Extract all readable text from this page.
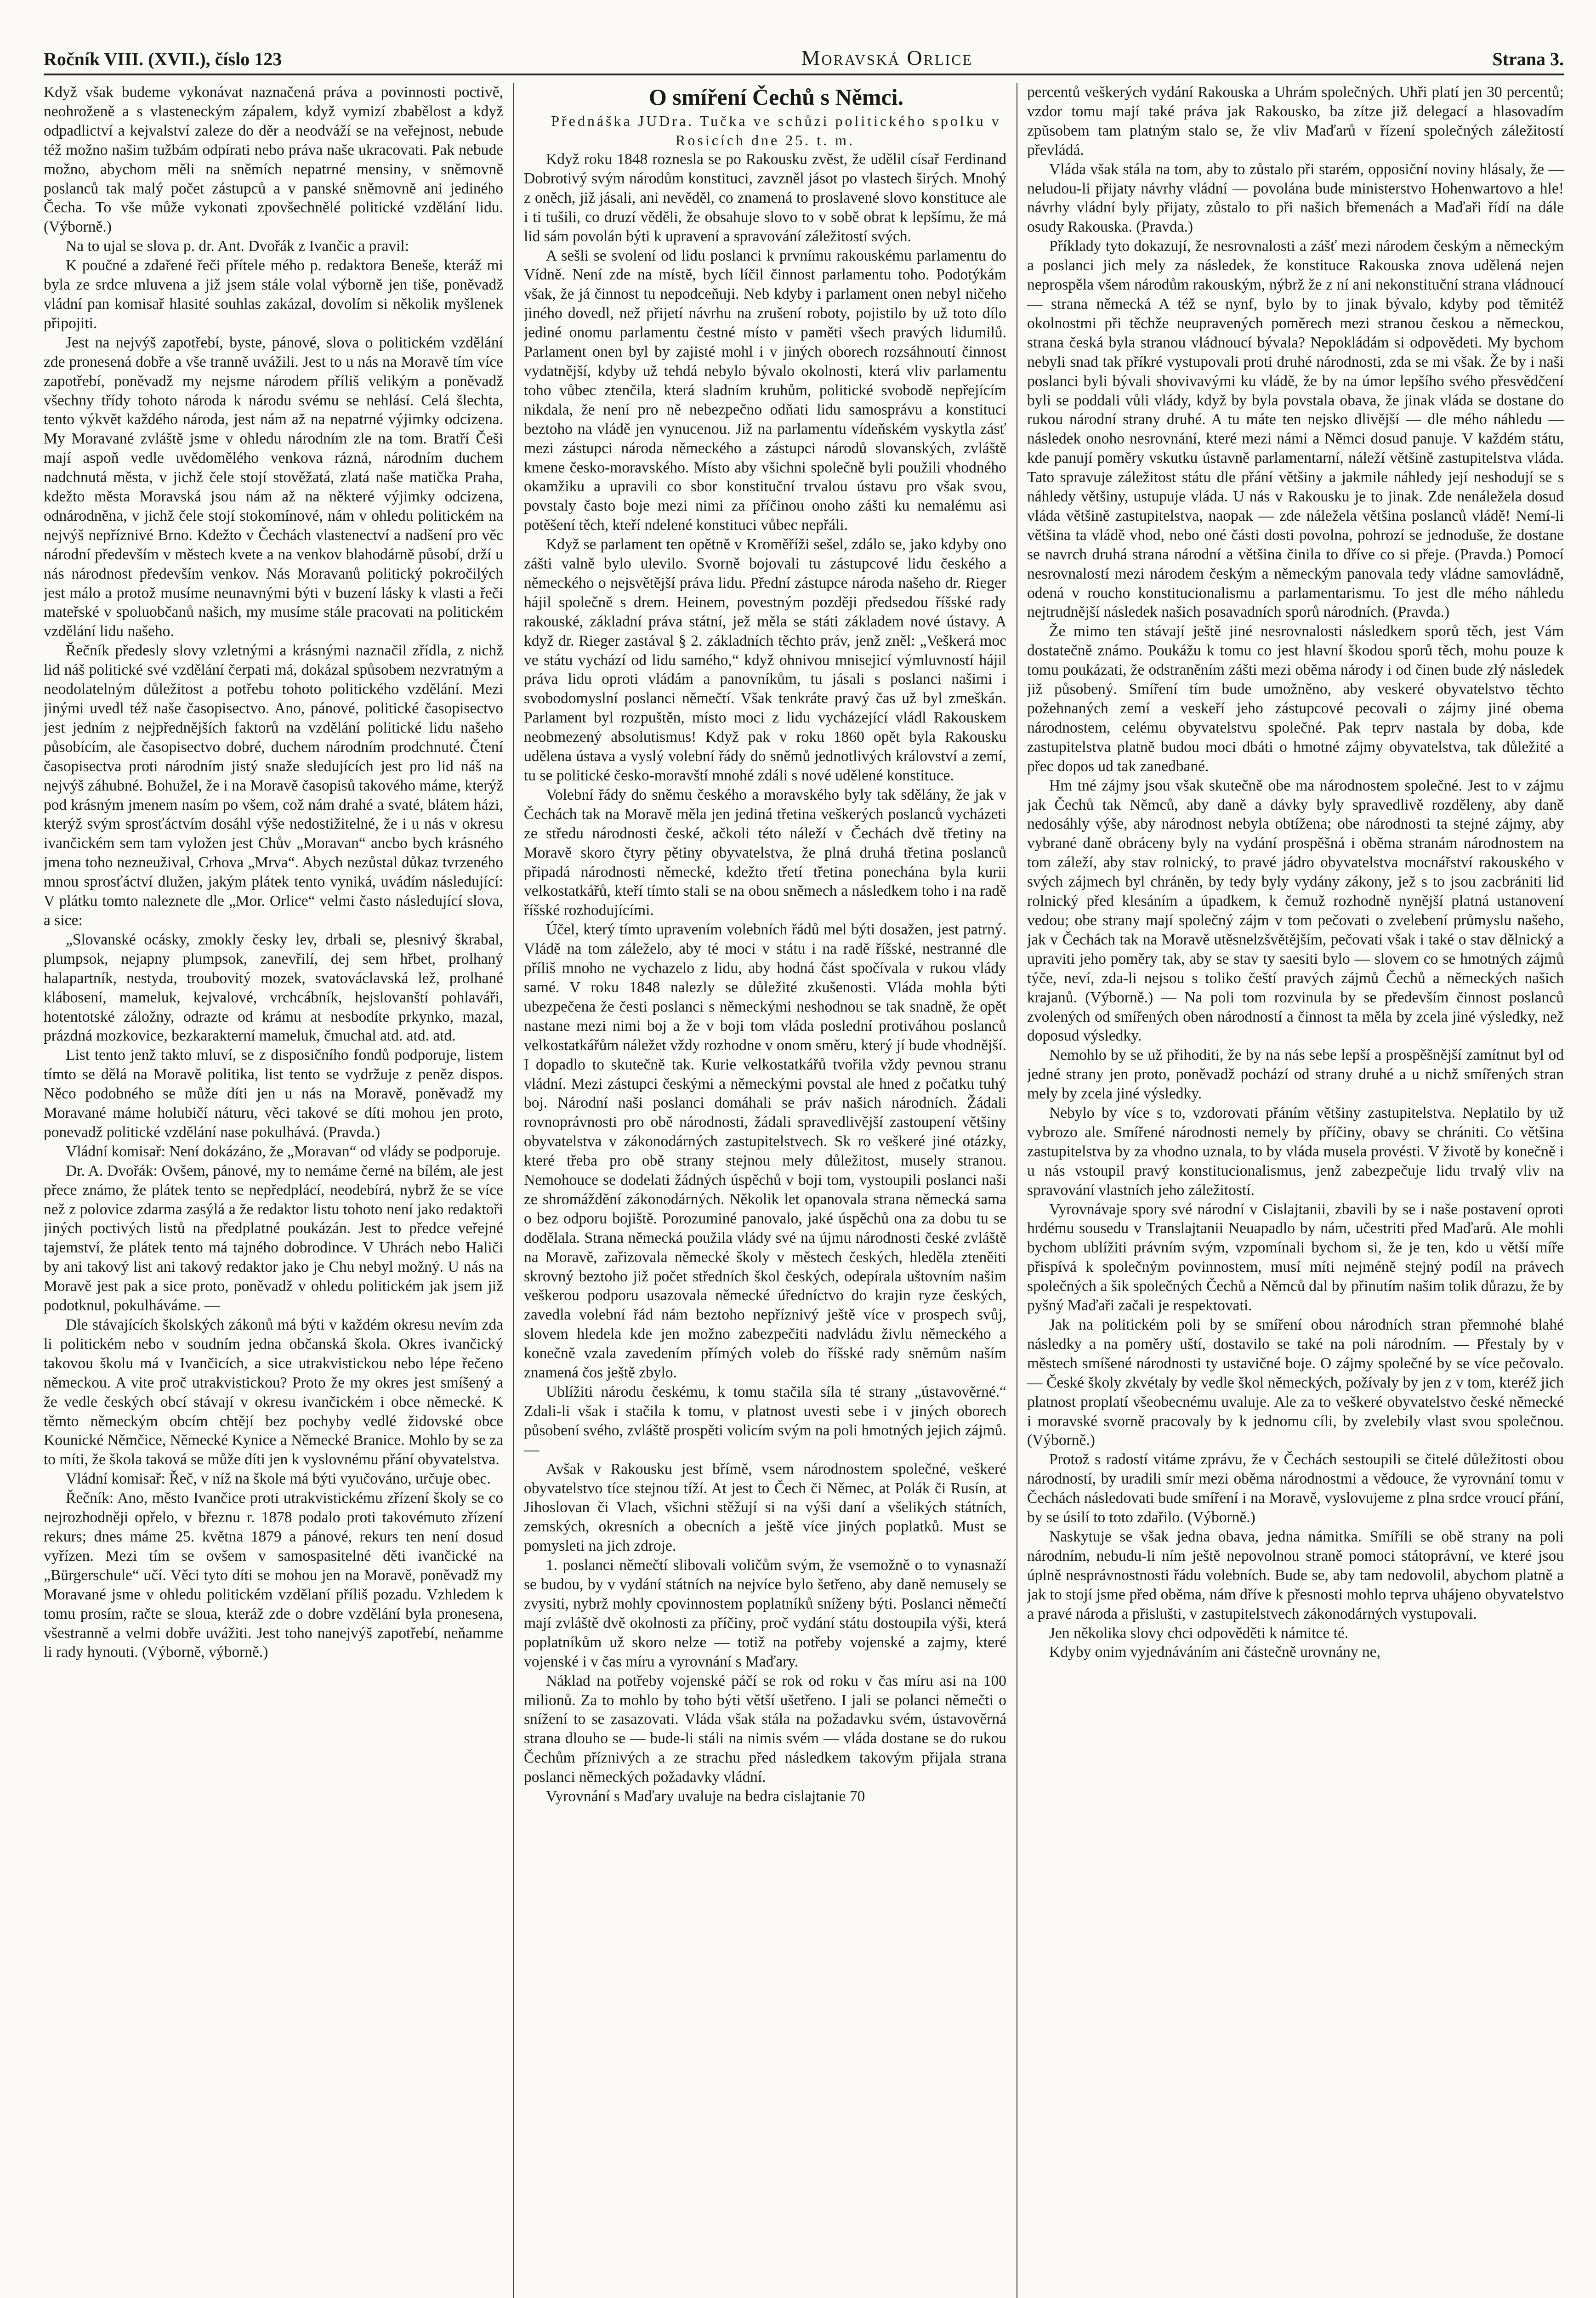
Ročník VIII. (XVII.), číslo 123	Moravská Orlice	Strana 3.

Když však budeme vykonávat naznačená práva a povinnosti poctivě, neohroženě a s vlasteneckým zápalem, když vymizí zbabělost a když odpadlictví a kejvalství zaleze do děr a neodváží se na veřejnost, nebude též možno našim tužbám odpírati nebo práva naše ukracovati. Pak nebude možno, abychom měli na sněmích nepatrné mensiny, v sněmovně poslanců tak malý počet zástupců a v panské sněmovně ani jediného Čecha. To vše může vykonati zpovšechnělé politické vzdělání lidu. (Výborně.)

Na to ujal se slova p. dr. Ant. Dvořák z Ivančic a pravil:

K poučné a zdařené řeči přítele mého p. redaktora Beneše, kteráž mi byla ze srdce mluvena a již jsem stále volal výborně jen tiše, poněvadž vládní pan komisař hlasité souhlas zakázal, dovolím si několik myšlenek připojiti.

Jest na nejvýš zapotřebí, byste, pánové, slova o politickém vzdělání zde pronesená dobře a vše tranně uvážili. Jest to u nás na Moravě tím více zapotřebí, poněvadž my nejsme národem příliš velikým a poněvadž všechny třídy tohoto národa k národu svému se nehlásí. Celá šlechta, tento výkvět každého národa, jest nám až na nepatrné výjimky odcizena. My Moravané zvláště jsme v ohledu národním zle na tom. Bratří Češi mají aspoň vedle uvědomělého venkova rázná, národním duchem nadchnutá města, v jichž čele stojí stověžatá, zlatá naše matička Praha, kdežto města Moravská jsou nám až na některé výjimky odcizena, odnárodněna, v jichž čele stojí stokomínové, nám v ohledu politickém na nejvýš nepříznivé Brno. Kdežto v Čechách vlastenectví a nadšení pro věc národní především v městech kvete a na venkov blahodárně působí, drží u nás národnost především venkov. Nás Moravanů politický pokročilých jest málo a protož musíme neunavnými býti v buzení lásky k vlasti a řeči mateřské v spoluobčanů našich, my musíme stále pracovati na politickém vzdělání lidu našeho.

Řečník předesly slovy vzletnými a krásnými naznačil zřídla, z nichž lid náš politické své vzdělání čerpati má, dokázal spůsobem nezvratným a neodolatelným důležitost a potřebu tohoto politického vzdělání. Mezi jinými uvedl též naše časopisectvo. Ano, pánové, politické časopisectvo jest jedním z nejpřednějších faktorů na vzdělání politické lidu našeho působícím, ale časopisectvo dobré, duchem národním prodchnuté. Čtení časopisectva proti národním jistý snaže sledujících jest pro lid náš na nejvýš záhubné. Bohužel, že i na Moravě časopisů takového máme, kterýž pod krásným jmenem nasím po všem, což nám drahé a svaté, blátem házi, kterýž svým sprosťáctvím dosáhl výše nedostižitelné, že i u nás v okresu ivančickém sem tam vyložen jest Chův „Moravan“ ancbo bych krásného jmena toho nezneužival, Crhova „Mrva“. Abych nezůstal důkaz tvrzeného mnou sprosťáctví dlužen, jakým plátek tento vyniká, uvádím následující: V plátku tomto naleznete dle „Mor. Orlice“ velmi často následující slova, a sice:

„Slovanské ocásky, zmokly česky lev, drbali se, plesnivý škrabal, plumpsok, nejapny plumpsok, zanevřilí, dej sem hřbet, prolhaný halapartník, nestyda, troubovitý mozek, svatováclavská lež, prolhané klábosení, mameluk, kejvalové, vrchcábník, hejslovanští pohlaváři, hotentotské záložny, odrazte od krámu at nesbodíte prkynko, mazal, prázdná mozkovice, bezkarakterní mameluk, čmuchal atd. atd. atd.

List tento jenž takto mluví, se z disposičního fondů podporuje, listem tímto se dělá na Moravě politika, list tento se vydržuje z peněz dispos. Něco podobného se může díti jen u nás na Moravě, poněvadž my Moravané máme holubičí náturu, věci takové se díti mohou jen proto, ponevadž politické vzdělání nase pokulhává. (Pravda.)

Vládní komisař: Není dokázáno, že „Moravan“ od vlády se podporuje.

Dr. A. Dvořák: Ovšem, pánové, my to nemáme černé na bílém, ale jest přece známo, že plátek tento se nepředplácí, neodebírá, nybrž že se více než z polovice zdarma zasýlá a že redaktor listu tohoto není jako redaktoři jiných poctivých listů na předplatné poukázán. Jest to předce veřejné tajemství, že plátek tento má tajného dobrodince. V Uhrách nebo Haliči by ani takový list ani takový redaktor jako je Chu nebyl možný. U nás na Moravě jest pak a sice proto, poněvadž v ohledu politickém jak jsem již podotknul, pokulháváme. —

Dle stávajících školských zákonů má býti v každém okresu nevím zda li politickém nebo v soudním jedna občanská škola. Okres ivančický takovou školu má v Ivančicích, a sice utrakvistickou nebo lépe řečeno německou. A vite proč utrakvistickou? Proto že my okres jest smíšený a že vedle českých obcí stávají v okresu ivančickém i obce německé. K těmto německým obcím chtějí bez pochyby vedlé židovské obce Kounické Němčice, Německé Kynice a Německé Branice. Mohlo by se za to míti, že škola taková se může díti jen k vyslovnému přání obyvatelstva.

Vládní komisař: Řeč, v níž na škole má býti vyučováno, určuje obec.

Řečník: Ano, město Ivančice proti utrakvistickému zřízení školy se co nejrozhodněji opřelo, v březnu r. 1878 podalo proti takovémuto zřízení rekurs; dnes máme 25. května 1879 a pánové, rekurs ten není dosud vyřízen. Mezi tím se ovšem v samospasitelné děti ivančické na „Bürgerschule“ učí. Věci tyto díti se mohou jen na Moravě, poněvadž my Moravané jsme v ohledu politickém vzdělaní příliš pozadu. Vzhledem k tomu prosím, račte se sloua, kteráž zde o dobre vzdělání byla pronesena, všestranně a velmi dobře uvážiti. Jest toho nanejvýš zapotřebí, neňamme li rady hynouti. (Výborně, výborně.)

O smíření Čechů s Němci.

Přednáška JUDra. Tučka ve schůzi politického spolku v Rosicích dne 25. t. m.

Když roku 1848 roznesla se po Rakousku zvěst, že udělil císař Ferdinand Dobrotivý svým národům konstituci, zavzněl jásot po vlastech širých. Mnohý z oněch, již jásali, ani nevěděl, co znamená to proslavené slovo konstituce ale i ti tušili, co druzí věděli, že obsahuje slovo to v sobě obrat k lepšímu, že má lid sám povolán býti k upravení a spravování záležitostí svých.

A sešli se svolení od lidu poslanci k prvnímu rakouskému parlamentu do Vídně. Není zde na místě, bych líčil činnost parlamentu toho. Podotýkám však, že já činnost tu nepodceňuji. Neb kdyby i parlament onen nebyl ničeho jiného dovedl, než přijetí návrhu na zrušení roboty, pojistilo by už toto dílo jediné onomu parlamentu čestné místo v paměti všech pravých lidumilů. Parlament onen byl by zajisté mohl i v jiných oborech rozsáhnoutí činnost vydatnější, kdyby už tehdá nebylo bývalo okolnosti, která vliv parlamentu toho vůbec ztenčila, která sladním kruhům, politické svobodě nepřejícím nikdala, že není pro ně nebezpečno odňati lidu samosprávu a konstituci beztoho na vládě jen vynucenou. Již na parlamentu vídeňském vyskytla zásť mezi zástupci národa německého a zástupci národů slovanských, zvláště kmene česko-moravského. Místo aby všichni společně byli použili vhodného okamžiku a upravili co sbor konstituční trvalou ústavu pro však svou, povstaly často boje mezi nimi za příčinou onoho zášti ku nemalému asi potěšení těch, kteří ndelené konstituci vůbec nepřáli.

Když se parlament ten opětně v Kroměříži sešel, zdálo se, jako kdyby ono zášti valně bylo ulevilo. Svorně bojovali tu zástupcové lidu českého a německého o nejsvětější práva lidu. Přední zástupce národa našeho dr. Rieger hájil společně s drem. Heinem, povestným později předsedou říšské rady rakouské, základní práva státní, jež měla se státi základem nové ústavy. A když dr. Rieger zastával § 2. základních těchto práv, jenž zněl: „Veškerá moc ve státu vychází od lidu samého,“ když ohnivou mnisejicí výmluvností hájil práva lidu oproti vládám a panovníkům, tu jásali s poslanci našimi i svobodomyslní poslanci němečtí. Však tenkráte pravý čas už byl zmeškán. Parlament byl rozpuštěn, místo moci z lidu vycházející vládl Rakouskem neobmezený absolutismus! Když pak v roku 1860 opět byla Rakousku udělena ústava a vyslý volební řády do sněmů jednotlivých království a zemí, tu se politické česko-moravští mnohé zdáli s nové udělené konstituce.

Volební řády do sněmu českého a moravského byly tak sdělány, že jak v Čechách tak na Moravě měla jen jediná třetina veškerých poslanců vycházeti ze středu národnosti české, ačkoli této náleží v Čechách dvě třetiny na Moravě skoro čtyry pětiny obyvatelstva, že plná druhá třetina poslanců připadá národnosti německé, kdežto třetí třetina ponechána byla kurii velkostatkářů, kteří tímto stali se na obou sněmech a následkem toho i na radě říšské rozhodujícími.

Účel, který tímto upravením volebních řádů mel býti dosažen, jest patrný. Vládě na tom záleželo, aby té moci v státu i na radě říšské, nestranné dle příliš mnoho ne vychazelo z lidu, aby hodná část spočívala v rukou vlády samé. V roku 1848 nalezly se důležité zkušenosti. Vláda mohla býti ubezpečena že česti poslanci s německými neshodnou se tak snadně, že opět nastane mezi nimi boj a že v boji tom vláda poslední protiváhou poslanců velkostatkářům náležet vždy rozhodne v onom směru, který jí bude vhodnější. I dopadlo to skutečně tak. Kurie velkostatkářů tvořila vždy pevnou stranu vládní. Mezi zástupci českými a německými povstal ale hned z počatku tuhý boj. Národní naši poslanci domáhali se práv našich národních. Žádali rovnoprávnosti pro obě národnosti, žádali spravedlivější zastoupení většiny obyvatelstva v zákonodárných zastupitelstvech. Sk ro veškeré jiné otázky, které třeba pro obě strany stejnou mely důležitost, musely stranou. Nemohouce se dodelati žádných úspěchů v boji tom, vystoupili poslanci naši ze shromáždění zákonodárných. Několik let opanovala strana německá sama o bez odporu bojiště. Porozuminé panovalo, jaké úspěchů ona za dobu tu se dodělala. Strana německá použila vlády své na újmu národnosti české zvláště na Moravě, zařizovala německé školy v městech českých, hleděla zteněiti skrovný beztoho již počet středních škol českých, odepírala uštovním našim veškerou podporu usazovala německé úředníctvo do krajin ryze českých, zavedla volební řád nám beztoho nepříznivý ještě více v prospech svůj, slovem hledela kde jen možno zabezpečiti nadvládu živlu německého a konečně vzala zavedením přímých voleb do říšské rady sněmům naším znamená čos ještě zbylo.

Ublížiti národu českému, k tomu stačila síla té strany „ústavověrné.“ Zdali-li však i stačila k tomu, v platnost uvesti sebe i v jiných oborech působení svého, zvláště prospěti volicím svým na poli hmotných jejich zájmů. —

Avšak v Rakousku jest břímě, vsem národnostem společné, veškeré obyvatelstvo tíce stejnou tíží. At jest to Čech či Němec, at Polák či Rusín, at Jihoslovan či Vlach, všichni stěžují si na výši daní a všelikých státních, zemských, okresních a obecních a ještě více jiných poplatků. Must se pomysleti na jich zdroje.

1. poslanci němečtí slibovali voličům svým, že vsemožně o to vynasnaží se budou, by v vydání státních na nejvíce bylo šetřeno, aby daně nemusely se zvysiti, nybrž mohly cpovinnostem poplatníků sníženy býti. Poslanci němečtí mají zvláště dvě okolnosti za příčiny, proč vydání státu dostoupila výši, která poplatníkům už skoro nelze — totiž na potřeby vojenské a zajmy, které vojenské i v čas míru a vyrovnání s Maďary.

Náklad na potřeby vojenské páčí se rok od roku v čas míru asi na 100 milionů. Za to mohlo by toho býti větší ušetřeno. I jali se polanci němečti o snížení to se zasazovati. Vláda však stála na požadavku svém, ústavověrná strana dlouho se — bude-li stáli na nimis svém — vláda dostane se do rukou Čechům příznivých a ze strachu před následkem takovým přijala strana poslanci německých požadavky vládní.

Vyrovnání s Maďary uvaluje na bedra cislajtanie 70

percentů veškerých vydání Rakouska a Uhrám společných. Uhři platí jen 30 percentů; vzdor tomu mají také práva jak Rakousko, ba zítze již delegací a hlasovadím zpŭsobem tam platným stalo se, že vliv Maďarů v řízení společných záležitostí převládá.

Vláda však stála na tom, aby to zůstalo při starém, opposiční noviny hlásaly, že — neludou-li přijaty návrhy vládní — povolána bude ministerstvo Hohenwartovo a hle! návrhy vládní byly přijaty, zůstalo to při našich břemenách a Maďaři řídí na dále osudy Rakouska. (Pravda.)

Příklady tyto dokazují, že nesrovnalosti a zášť mezi národem českým a německým a poslanci jich mely za následek, že konstituce Rakouska znova udělená nejen neprospěla všem národům rakouským, nýbrž že z ní ani nekonstituční strana vládnoucí — strana německá A též se nynf, bylo by to jinak bývalo, kdyby pod těmitéž okolnostmi při těchže neupravených poměrech mezi stranou českou a německou, strana česká byla stranou vládnoucí bývala? Nepokládám si odpovědeti. My bychom nebyli snad tak příkré vystupovali proti druhé národnosti, zda se mi však. Že by i naši poslanci byli bývali shovivavými ku vládě, že by na úmor lepšího svého přesvědčení byli se poddali vůli vlády, když by byla povstala obava, že jinak vláda se dostane do rukou národní strany druhé. A tu máte ten nejsko dlivější — dle mého náhledu — následek onoho nesrovnání, které mezi námi a Němci dosud panuje. V každém státu, kde panují poměry vskutku ústavně parlamentarní, náleží většině zastupitelstva vláda. Tato spravuje záležitost státu dle přání většiny a jakmile náhledy její neshodují se s náhledy většiny, ustupuje vláda. U nás v Rakousku je to jinak. Zde nenáležela dosud vláda většině zastupitelstva, naopak — zde náležela většina poslanců vládě! Nemí-li většina ta vládě vhod, nebo oné části dosti povolna, pohrozí se jednoduše, že dostane se navrch druhá strana národní a většina činila to dříve co si přeje. (Pravda.) Pomocí nesrovnalostí mezi národem českým a německým panovala tedy vládne samovládně, odená v roucho konstitucionalismu a parlamentarismu. To jest dle mého náhledu nejtrudnější následek našich posavadních sporů národních. (Pravda.)

Že mimo ten stávají ještě jiné nesrovnalosti následkem sporů těch, jest Vám dostatečně známo. Poukážu k tomu co jest hlavní škodou sporů těch, mohu pouze k tomu poukázati, že odstraněním zášti mezi oběma národy i od činen bude zlý následek již působený. Smíření tím bude umožněno, aby veskeré obyvatelstvo těchto požehnaných zemí a veskeří jeho zástupcové pecovali o zájmy jiné obema národnostem, celému obyvatelstvu společné. Pak teprv nastala by doba, kde zastupitelstva platně budou moci dbáti o hmotné zájmy obyvatelstva, tak důležité a přec dopos ud tak zanedbané.

Hm tné zájmy jsou však skutečně obe ma národnostem společné. Jest to v zájmu jak Čechů tak Němců, aby daně a dávky byly spravedlivě rozděleny, aby daně nedosáhly výše, aby národnost nebyla obtížena; obe národnosti ta stejné zájmy, aby vybrané daně obráceny byly na vydání prospěšná i oběma stranám národnostem na tom záleží, aby stav rolnický, to pravé jádro obyvatelstva mocnářství rakouského v svých zájmech byl chráněn, by tedy byly vydány zákony, jež s to jsou zacbrániti lid rolnický před klesáním a úpadkem, k čemuž rozhodně nynější platná ustanovení vedou; obe strany mají společný zájm v tom pečovati o zvelebení průmyslu našeho, jak v Čechách tak na Moravě utěsnelzšvětějším, pečovati však i také o stav dělnický a upraviti jeho poměry tak, aby se stav ty saesiti bylo — slovem co se hmotných zájmů týče, neví, zda-li nejsou s toliko čeští pravých zájmů Čechů a německých našich krajanů. (Výborně.) — Na poli tom rozvinula by se především činnost poslanců zvolených od smířených oben národností a činnost ta měla by zcela jiné výsledky, než doposud výsledky.

Nemohlo by se už přihoditi, že by na nás sebe lepší a prospěšnější zamítnut byl od jedné strany jen proto, poněvadž pochází od strany druhé a u nichž smířených stran mely by zcela jiné výsledky.

Nebylo by více s to, vzdorovati přáním většiny zastupitelstva. Neplatilo by už vybrozo ale. Smířené národnosti nemely by příčiny, obavy se chrániti. Co většina zastupitelstva by za vhodno uznala, to by vláda musela provésti. V životě by konečně i u nás vstoupil pravý konstitucionalismus, jenž zabezpečuje lidu trvalý vliv na spravování vlastních jeho záležitostí.

Vyrovnávaje spory své národní v Cislajtanii, zbavili by se i naše postavení oproti hrdému sousedu v Translajtanii Neuapadlo by nám, učestriti před Maďarů. Ale mohli bychom ublížiti právním svým, vzpomínali bychom si, že je ten, kdo u větší míře přispívá k společným povinnostem, musí míti nejméně stejný podíl na právech společných a šik společných Čechů a Němců dal by přinutím našim tolik důrazu, že by pyšný Maďaři začali je respektovati.

Jak na politickém poli by se smíření obou národních stran přemnohé blahé následky a na poměry uští, dostavilo se také na poli národním. — Přestaly by v městech smíšené národnosti ty ustavičné boje. O zájmy společné by se více pečovalo. — České školy zkvétaly by vedle škol německých, požívaly by jen z v tom, kteréž jich platnost proplatí všeobecnému uvaluje. Ale za to veškeré obyvatelstvo české německé i moravské svorně pracovaly by k jednomu cíli, by zvelebily vlast svou společnou. (Výborně.)

Protož s radostí vitáme zprávu, že v Čechách sestoupili se čitelé důležitosti obou národností, by uradili smír mezi oběma národnostmi a vědouce, že vyrovnání tomu v Čechách následovati bude smíření i na Moravě, vyslovujeme z plna srdce vroucí přání, by se úsilí to toto zdařilo. (Výborně.)

Naskytuje se však jedna obava, jedna námitka. Smíříli se obě strany na poli národním, nebudu-li ním ještě nepovolnou straně pomoci státoprávní, ve které jsou úplně nesprávnostnosti řádu volebních. Bude se, aby tam nedovolil, abychom platně a jak to stojí jsme před oběma, nám dříve k přesnosti mohlo teprva uhájeno obyvatelstvo a pravé národa a přislušti, v zastupitelstvech zákonodárných vystupovali.

Jen několika slovy chci odpověděti k námitce té.

Kdyby onim vyjednáváním ani částečně urovnány ne,
